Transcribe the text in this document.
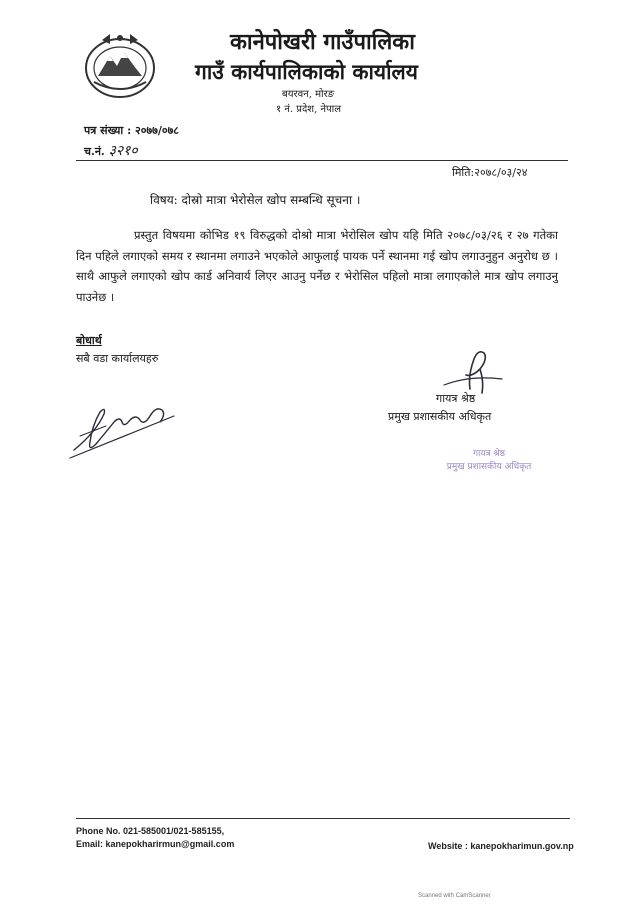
कानेपोखरी गाउँपालिका
गाउँ कार्यपालिकाको कार्यालय
बयरवन, मोरङ
१ नं. प्रदेश, नेपाल
पत्र संख्या : २०७७/०७८
च.नं. ३२१०
मिति:२०७८/०३/२४
विषय: दोस्रो मात्रा भेरोसेल खोप सम्बन्धि सूचना ।
प्रस्तुत विषयमा कोभिड १९ विरुद्धको दोश्रो मात्रा भेरोसिल खोप यहि मिति २०७८/०३/२६ र २७ गतेका दिन पहिले लगाएको समय र स्थानमा लगाउने भएकोले आफुलाई पायक पर्ने स्थानमा गई खोप लगाउनुहुन अनुरोध छ । साथै आफुले लगाएको खोप कार्ड अनिवार्य लिएर आउनु पर्नेछ र भेरोसिल पहिलो मात्रा लगाएकोले मात्र खोप लगाउनु पाउनेछ ।
बोधार्थ
सबै वडा कार्यालयहरु
गायत्र श्रेष्ठ
प्रमुख प्रशासकीय अधिकृत
गायत्र श्रेष्ठ
प्रमुख प्रशासकीय अधिकृत
Phone No. 021-585001/021-585155,
Email: kanepokharirmun@gmail.com	Website : kanepokharimun.gov.np
Scanned with CamScanner
